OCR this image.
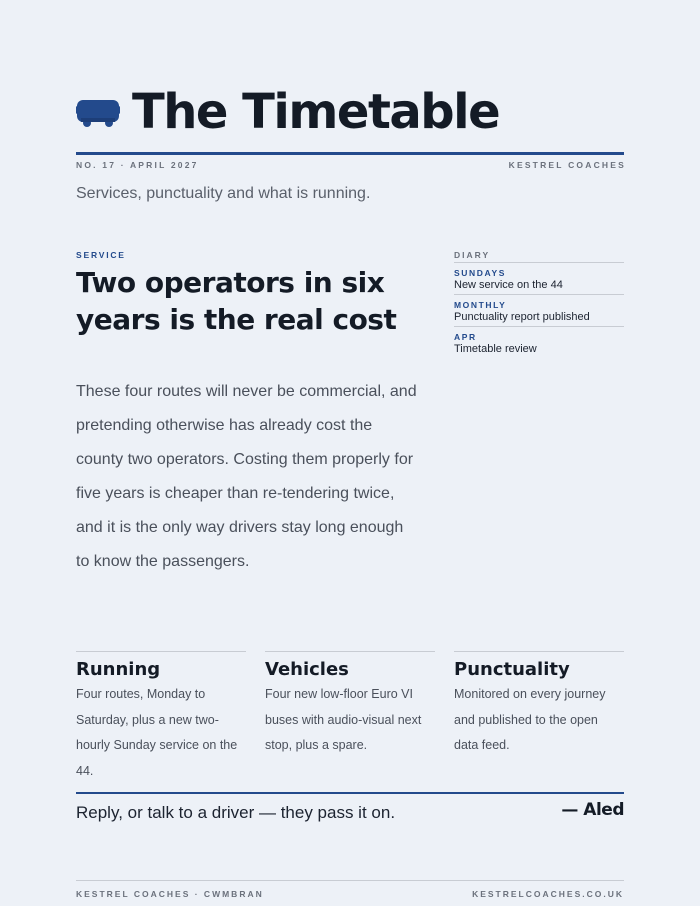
The Timetable
NO. 17 · APRIL 2027	KESTREL COACHES
Services, punctuality and what is running.
SERVICE
Two operators in six years is the real cost

These four routes will never be commercial, and pretending otherwise has already cost the county two operators. Costing them properly for five years is cheaper than re-tendering twice, and it is the only way drivers stay long enough to know the passengers.

DIARY
SUNDAYS
New service on the 44
MONTHLY
Punctuality report published
APR
Timetable review
Running

Four routes, Monday to Saturday, plus a new two-hourly Sunday service on the 44.

Vehicles

Four new low-floor Euro VI buses with audio-visual next stop, plus a spare.

Punctuality

Monitored on every journey and published to the open data feed.

Reply, or talk to a driver — they pass it on.	— Aled
KESTREL COACHES · CWMBRAN	KESTRELCOACHES.CO.UK
